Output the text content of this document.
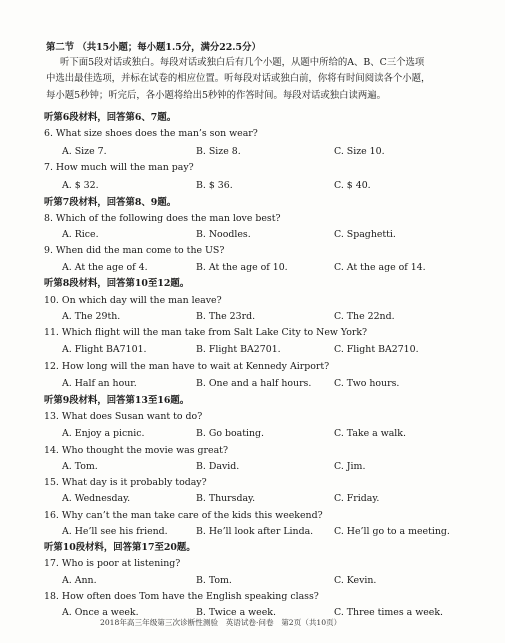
第二节 （共15小题；每小题1.5分，满分22.5分）
听下面5段对话或独白。每段对话或独白后有几个小题，从题中所给的A、B、C三个选项
中选出最佳选项，并标在试卷的相应位置。听每段对话或独白前，你将有时间阅读各个小题，
每小题5秒钟；听完后，各小题将给出5秒钟的作答时间。每段对话或独白读两遍。
听第6段材料，回答第6、7题。
6. What size shoes does the man’s son wear?
A. Size 7.	B. Size 8.	C. Size 10.
7. How much will the man pay?
A. $ 32.	B. $ 36.	C. $ 40.
听第7段材料，回答第8、9题。
8. Which of the following does the man love best?
A. Rice.	B. Noodles.	C. Spaghetti.
9. When did the man come to the US?
A. At the age of 4.	B. At the age of 10.	C. At the age of 14.
听第8段材料，回答第10至12题。
10. On which day will the man leave?
A. The 29th.	B. The 23rd.	C. The 22nd.
11. Which flight will the man take from Salt Lake City to New York?
A. Flight BA7101.	B. Flight BA2701.	C. Flight BA2710.
12. How long will the man have to wait at Kennedy Airport?
A. Half an hour.	B. One and a half hours. C. Two hours.
听第9段材料，回答第13至16题。
13. What does Susan want to do?
A. Enjoy a picnic.	B. Go boating.	C. Take a walk.
14. Who thought the movie was great?
A. Tom.	B. David.	C. Jim.
15. What day is it probably today?
A. Wednesday.	B. Thursday.	C. Friday.
16. Why can’t the man take care of the kids this weekend?
A. He’ll see his friend.	B. He’ll look after Linda. C. He’ll go to a meeting.
听第10段材料，回答第17至20题。
17. Who is poor at listening?
A. Ann.	B. Tom.	C. Kevin.
18. How often does Tom have the English speaking class?
A. Once a week.	B. Twice a week.	C. Three times a week.
2018年高三年级第三次诊断性测验　英语试卷·问卷　第2页（共10页）
